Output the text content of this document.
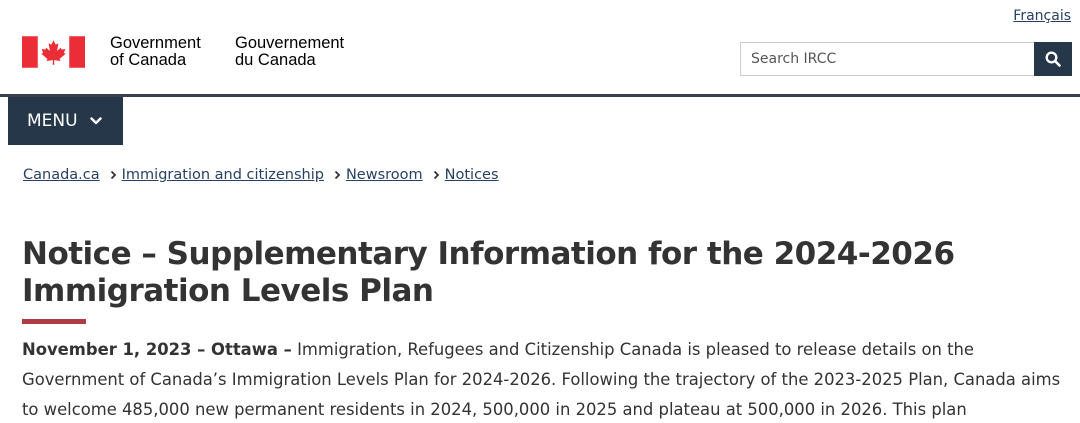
Français
Government
of Canada
Gouvernement
du Canada
Search IRCC
MENU
Canada.ca Immigration and citizenship Newsroom Notices
Notice – Supplementary Information for the 2024-2026 Immigration Levels Plan

November 1, 2023 – Ottawa – Immigration, Refugees and Citizenship Canada is pleased to release details on the Government of Canada’s Immigration Levels Plan for 2024-2026. Following the trajectory of the 2023-2025 Plan, Canada aims to welcome 485,000 new permanent residents in 2024, 500,000 in 2025 and plateau at 500,000 in 2026. This plan
